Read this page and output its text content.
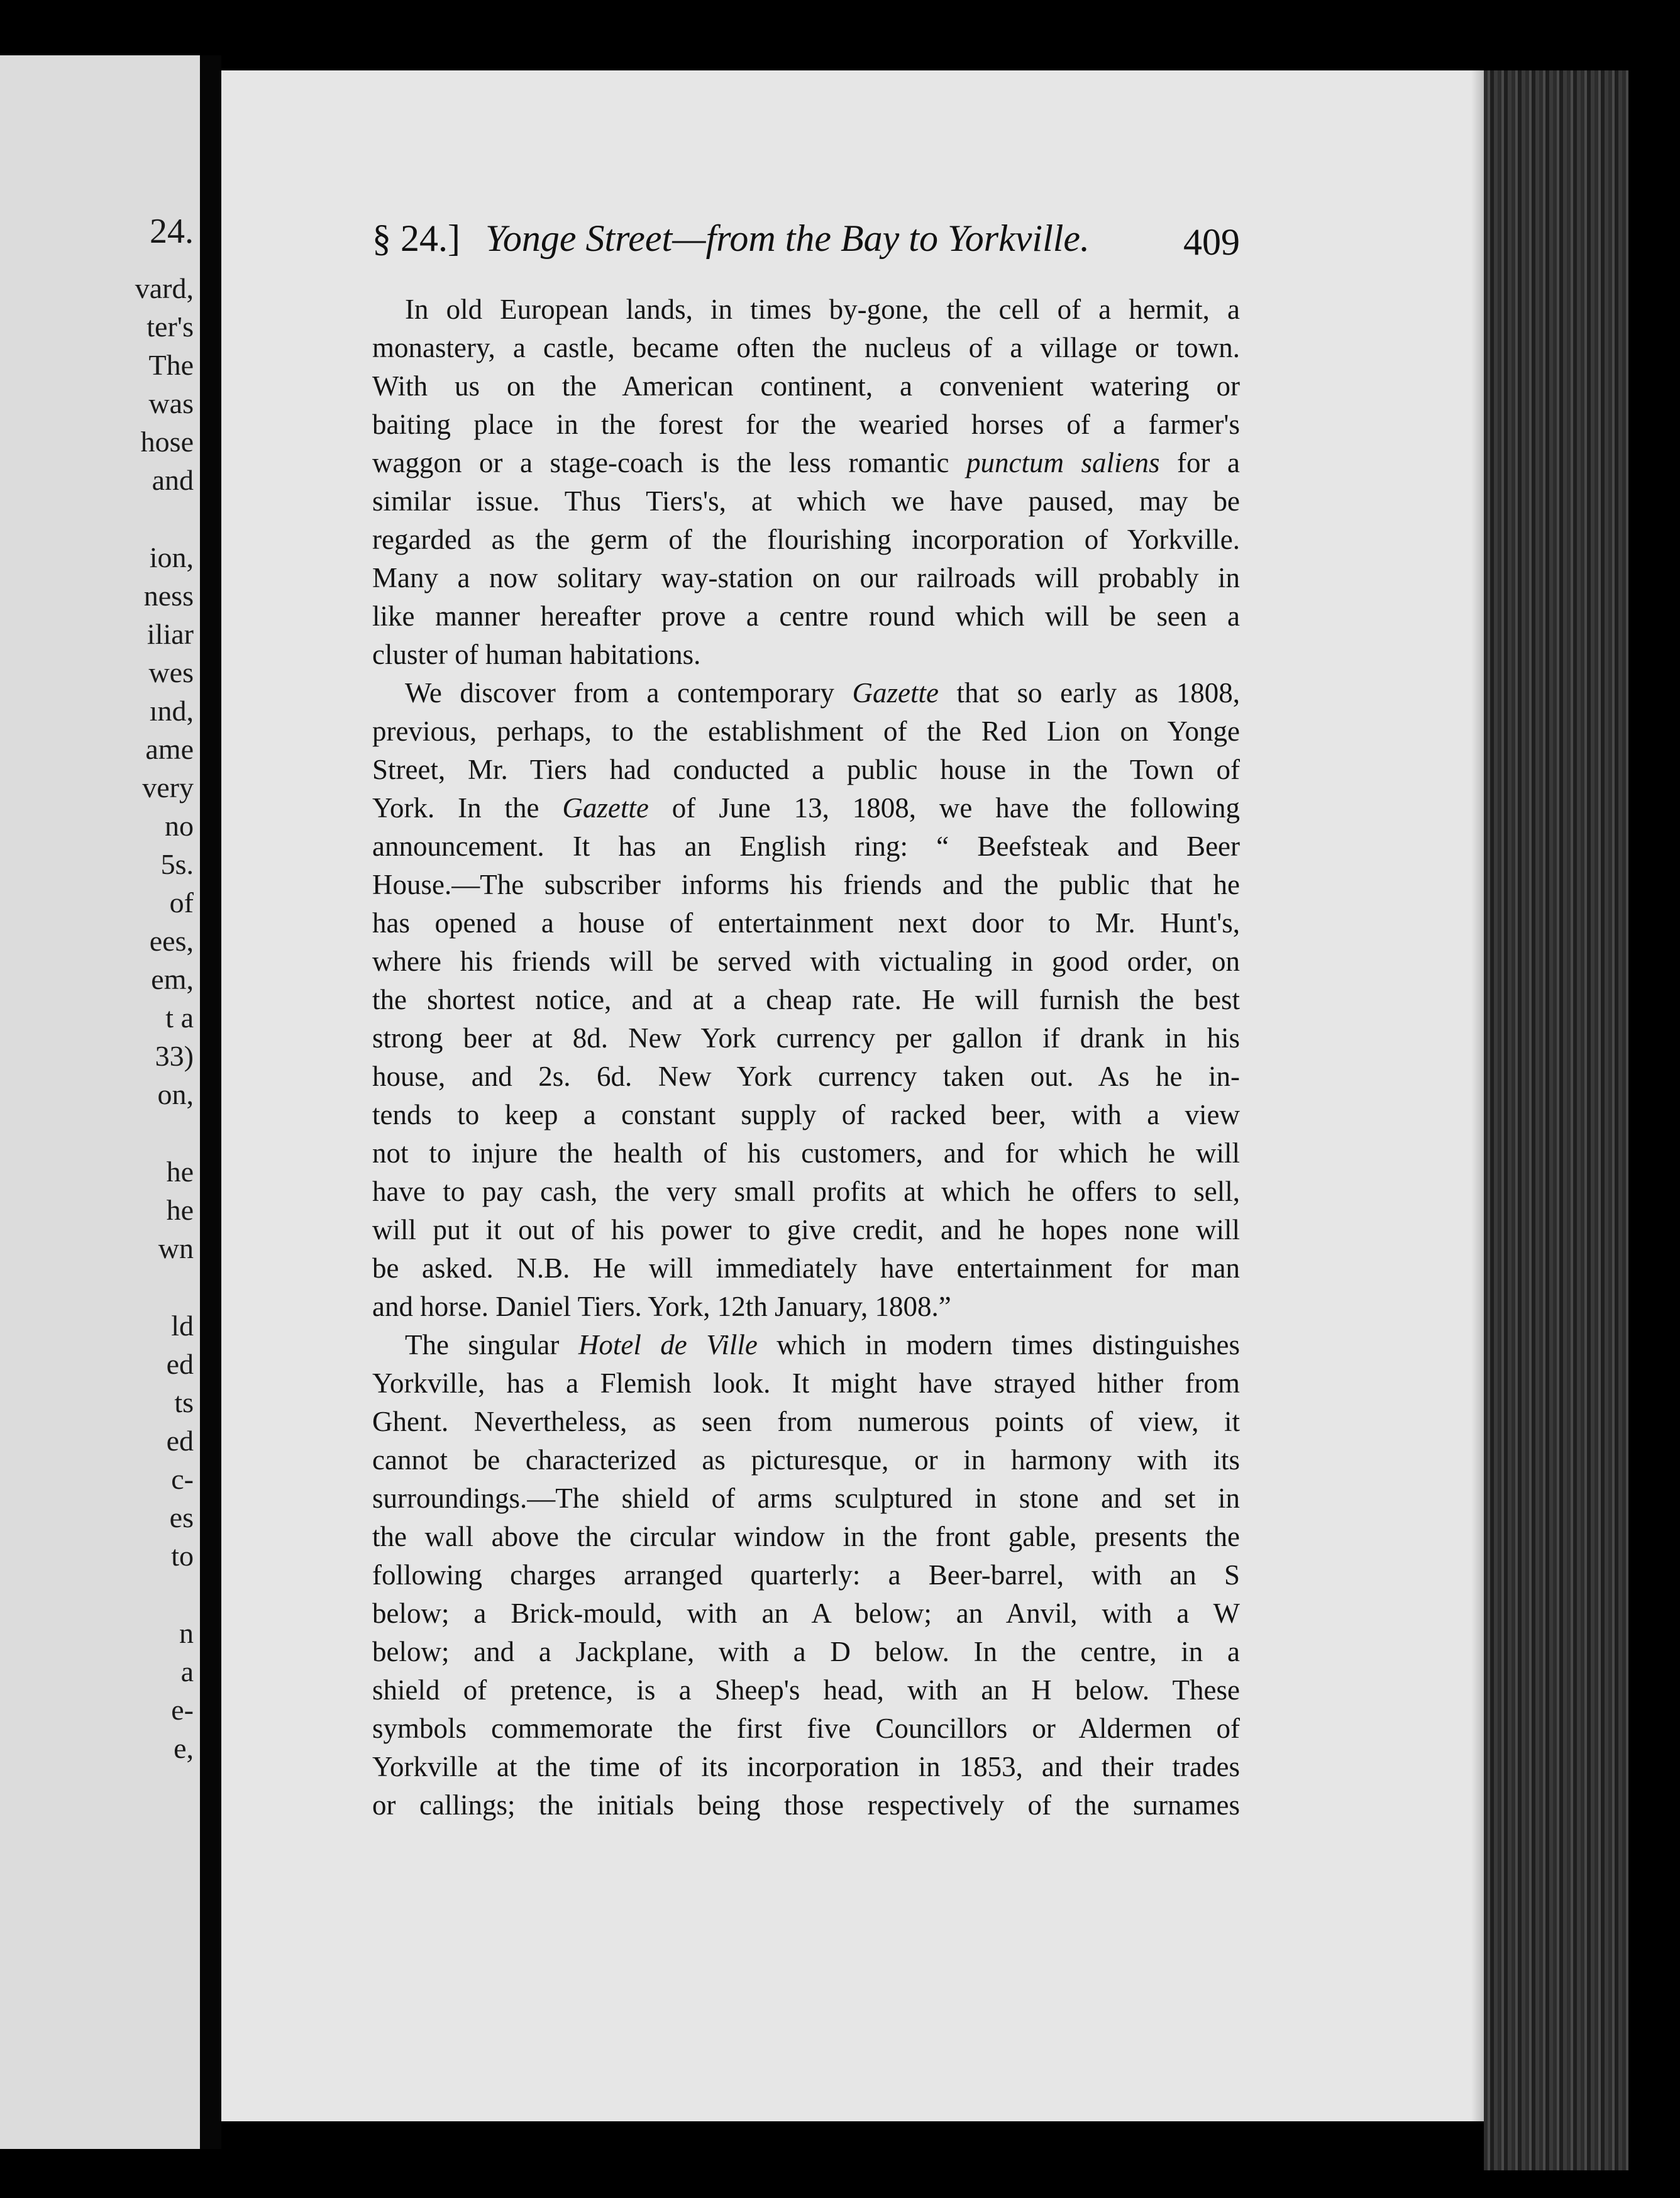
24.
vard,
ter's
The
was
hose
and
ion,
ness
iliar
wes
ınd,
ame
very
no
5s.
of
ees,
em,
t a
33)
on,
he
he
wn
ld
ed
ts
ed
c-
es
to
n
a
e-
e,
§ 24.] Yonge Street—from the Bay to Yorkville. 409
In old European lands, in times by-gone, the cell of a hermit, a
monastery, a castle, became often the nucleus of a village or town.
With us on the American continent, a convenient watering or
baiting place in the forest for the wearied horses of a farmer's
waggon or a stage-coach is the less romantic punctum saliens for a
similar issue. Thus Tiers's, at which we have paused, may be
regarded as the germ of the flourishing incorporation of Yorkville.
Many a now solitary way-station on our railroads will probably in
like manner hereafter prove a centre round which will be seen a
cluster of human habitations.
We discover from a contemporary Gazette that so early as 1808,
previous, perhaps, to the establishment of the Red Lion on Yonge
Street, Mr. Tiers had conducted a public house in the Town of
York. In the Gazette of June 13, 1808, we have the following
announcement. It has an English ring: “ Beefsteak and Beer
House.—The subscriber informs his friends and the public that he
has opened a house of entertainment next door to Mr. Hunt's,
where his friends will be served with victualing in good order, on
the shortest notice, and at a cheap rate. He will furnish the best
strong beer at 8d. New York currency per gallon if drank in his
house, and 2s. 6d. New York currency taken out. As he in-
tends to keep a constant supply of racked beer, with a view
not to injure the health of his customers, and for which he will
have to pay cash, the very small profits at which he offers to sell,
will put it out of his power to give credit, and he hopes none will
be asked. N.B. He will immediately have entertainment for man
and horse. Daniel Tiers. York, 12th January, 1808.”
The singular Hotel de Ville which in modern times distinguishes
Yorkville, has a Flemish look. It might have strayed hither from
Ghent. Nevertheless, as seen from numerous points of view, it
cannot be characterized as picturesque, or in harmony with its
surroundings.—The shield of arms sculptured in stone and set in
the wall above the circular window in the front gable, presents the
following charges arranged quarterly: a Beer-barrel, with an S
below; a Brick-mould, with an A below; an Anvil, with a W
below; and a Jackplane, with a D below. In the centre, in a
shield of pretence, is a Sheep's head, with an H below. These
symbols commemorate the first five Councillors or Aldermen of
Yorkville at the time of its incorporation in 1853, and their trades
or callings; the initials being those respectively of the surnames
